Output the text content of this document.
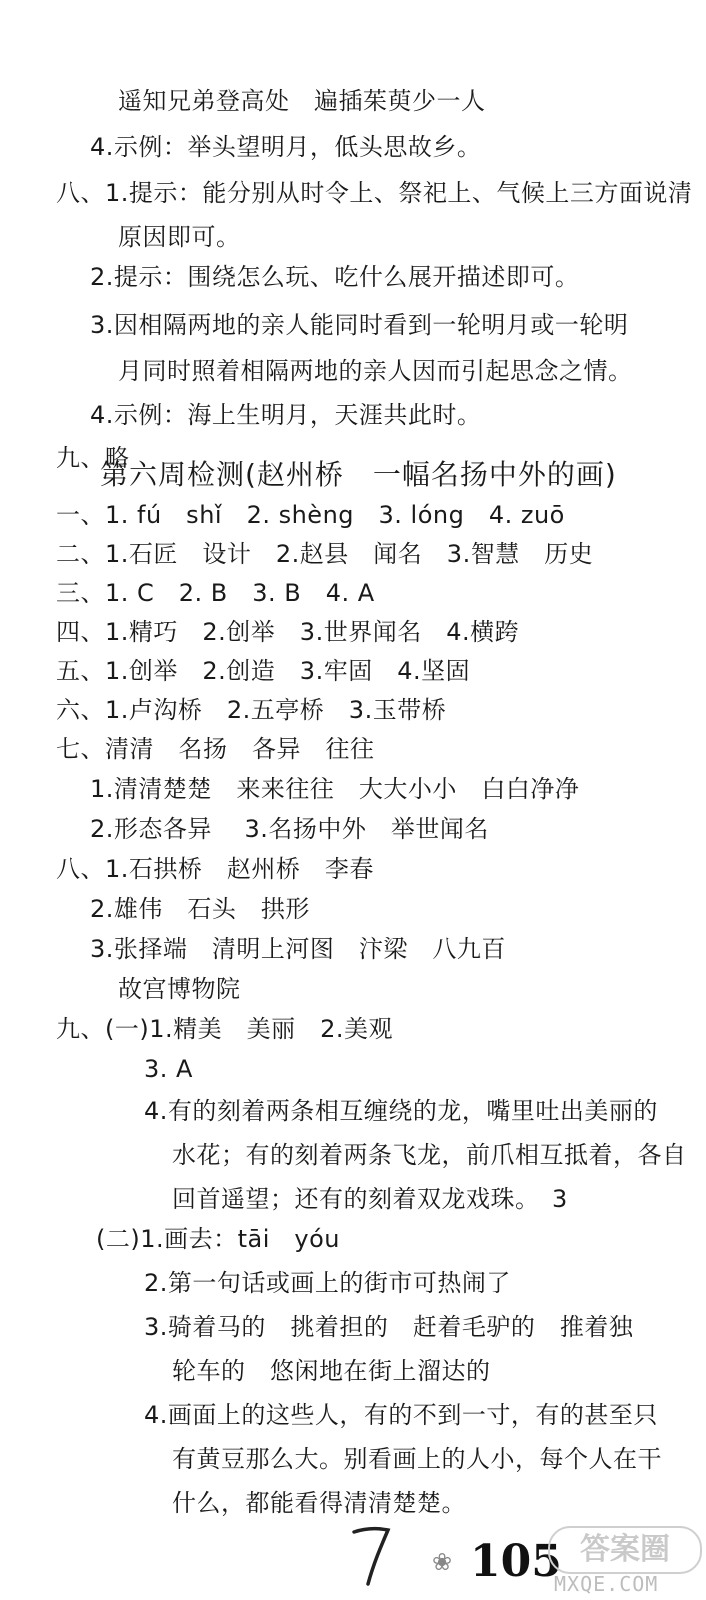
遥知兄弟登高处　遍插茱萸少一人
4.示例：举头望明月，低头思故乡。
八、1.提示：能分别从时令上、祭祀上、气候上三方面说清
原因即可。
2.提示：围绕怎么玩、吃什么展开描述即可。
3.因相隔两地的亲人能同时看到一轮明月或一轮明
月同时照着相隔两地的亲人因而引起思念之情。
4.示例：海上生明月，天涯共此时。
九、略
第六周检测(赵州桥　一幅名扬中外的画)
一、1. fú　shǐ　2. shèng　3. lóng　4. zuō
二、1.石匠　设计　2.赵县　闻名　3.智慧　历史
三、1. C　2. B　3. B　4. A
四、1.精巧　2.创举　3.世界闻名　4.横跨
五、1.创举　2.创造　3.牢固　4.坚固
六、1.卢沟桥　2.五亭桥　3.玉带桥
七、清清　名扬　各异　往往
1.清清楚楚　来来往往　大大小小　白白净净
2.形态各异　 3.名扬中外　举世闻名
八、1.石拱桥　赵州桥　李春
2.雄伟　石头　拱形
3.张择端　清明上河图　汴梁　八九百
故宫博物院
九、(一)1.精美　美丽　2.美观
3. A
4.有的刻着两条相互缠绕的龙，嘴里吐出美丽的
水花；有的刻着两条飞龙，前爪相互抵着，各自
回首遥望；还有的刻着双龙戏珠。　3
(二)1.画去：tāi　yóu
2.第一句话或画上的街市可热闹了
3.骑着马的　挑着担的　赶着毛驴的　推着独
轮车的　悠闲地在街上溜达的
4.画面上的这些人，有的不到一寸，有的甚至只
有黄豆那么大。别看画上的人小，每个人在干
什么，都能看得清清楚楚。
❀ 105 答案圈
MXQE.COM
